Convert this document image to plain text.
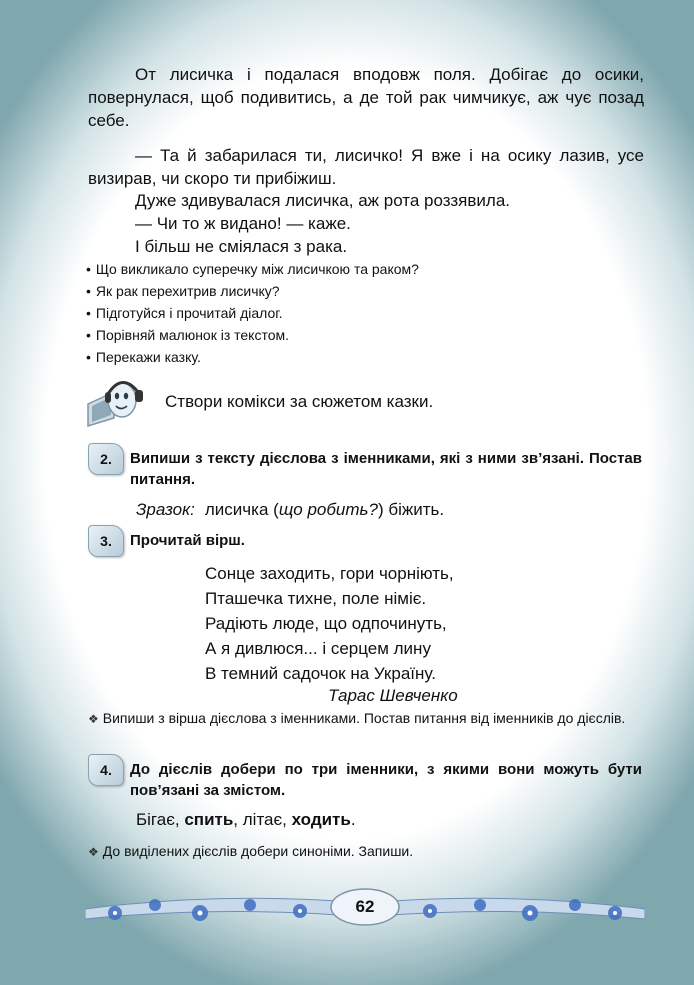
От лисичка і подалася вподовж поля. Добігає до осики, повернулася, щоб подивитись, а де той рак чимчикує, аж чує позад себе.

— Та й забарилася ти, лисичко! Я вже і на осику лазив, усе визирав, чи скоро ти прибіжиш.

Дуже здивувалася лисичка, аж рота роззявила.

— Чи то ж видано! — каже.

І більш не сміялася з рака.

• Що викликало суперечку між лисичкою та раком?
• Як рак перехитрив лисичку?
• Підготуйся і прочитай діалог.
• Порівняй малюнок із текстом.
• Перекажи казку.
Створи комікси за сюжетом казки.
2.	Випиши з тексту дієслова з іменниками, які з ними зв’язані. Постав питання.
Зразок: лисичка (що робить?) біжить.
3.	Прочитай вірш.
Сонце заходить, гори чорніють,
Пташечка тихне, поле німіє.
Радіють люде, що одпочинуть,
А я дивлюся... і серцем лину
В темний садочок на Україну.
Тарас Шевченко
❖ Випиши з вірша дієслова з іменниками. Постав питання від іменників до дієслів.
4.	До дієслів добери по три іменники, з якими вони можуть бути пов’язані за змістом.
Бігає, спить, літає, ходить.
❖ До виділених дієслів добери синоніми. Запиши.
62
